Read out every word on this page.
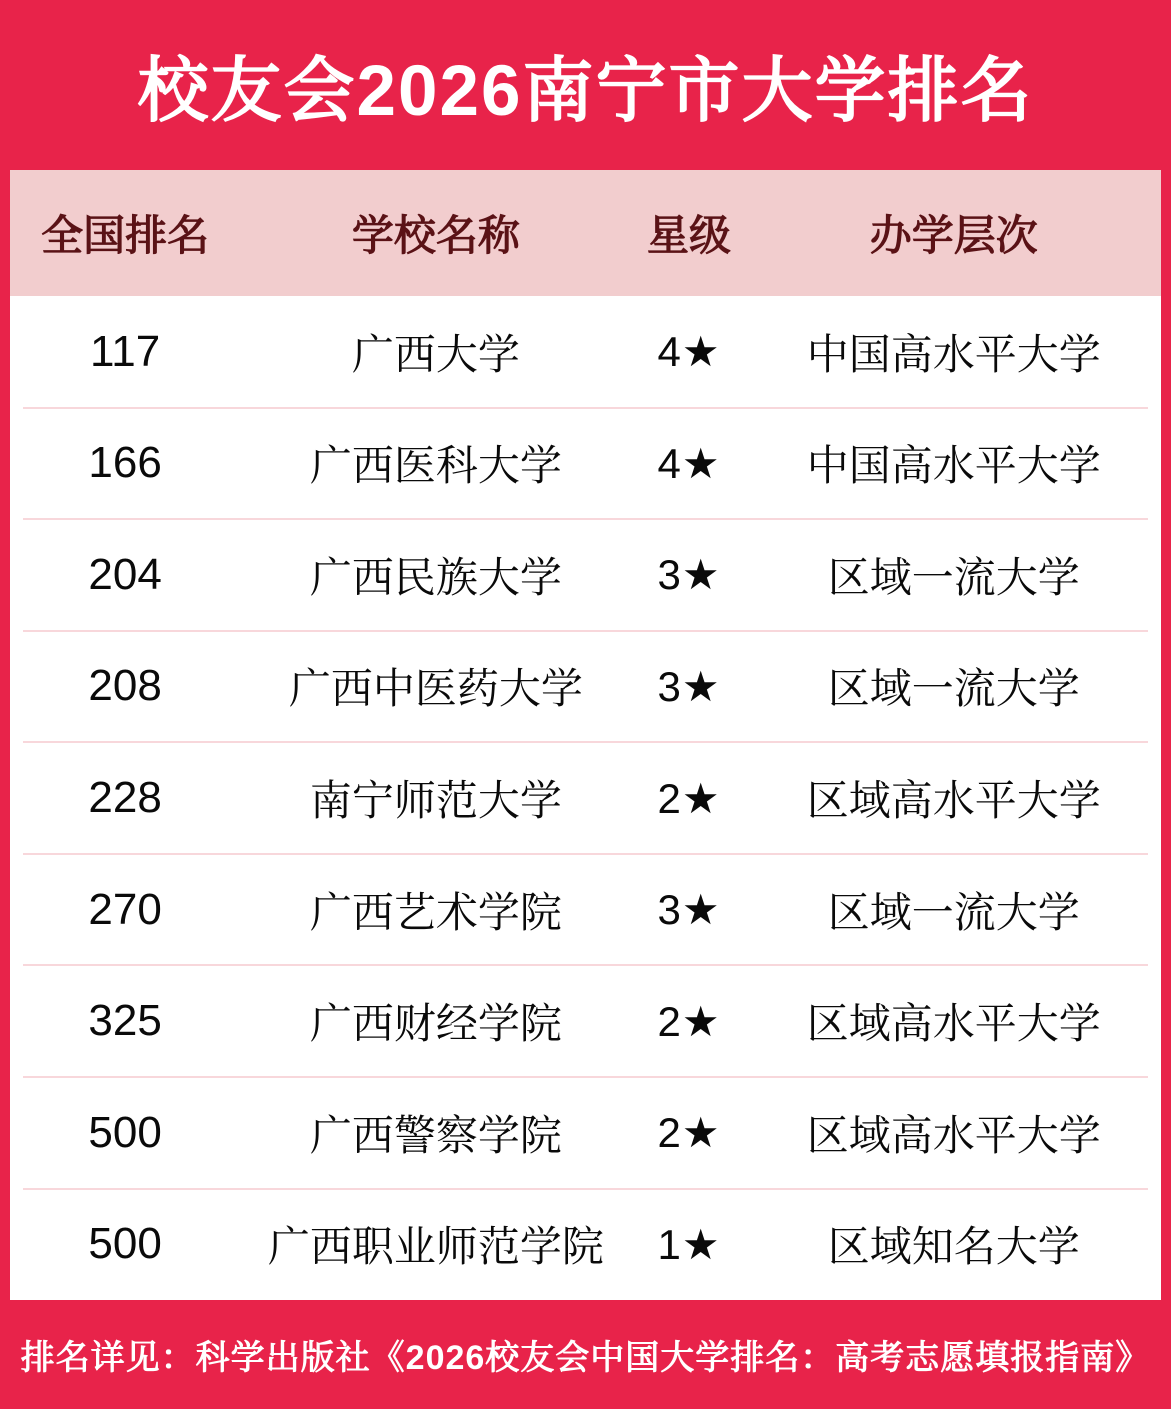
校友会2026南宁市大学排名
全国排名	学校名称	星级	办学层次
117	广西大学	4★	中国高水平大学
166	广西医科大学	4★	中国高水平大学
204	广西民族大学	3★	区域一流大学
208	广西中医药大学	3★	区域一流大学
228	南宁师范大学	2★	区域高水平大学
270	广西艺术学院	3★	区域一流大学
325	广西财经学院	2★	区域高水平大学
500	广西警察学院	2★	区域高水平大学
500	广西职业师范学院	1★	区域知名大学
排名详见：科学出版社《2026校友会中国大学排名：高考志愿填报指南》
